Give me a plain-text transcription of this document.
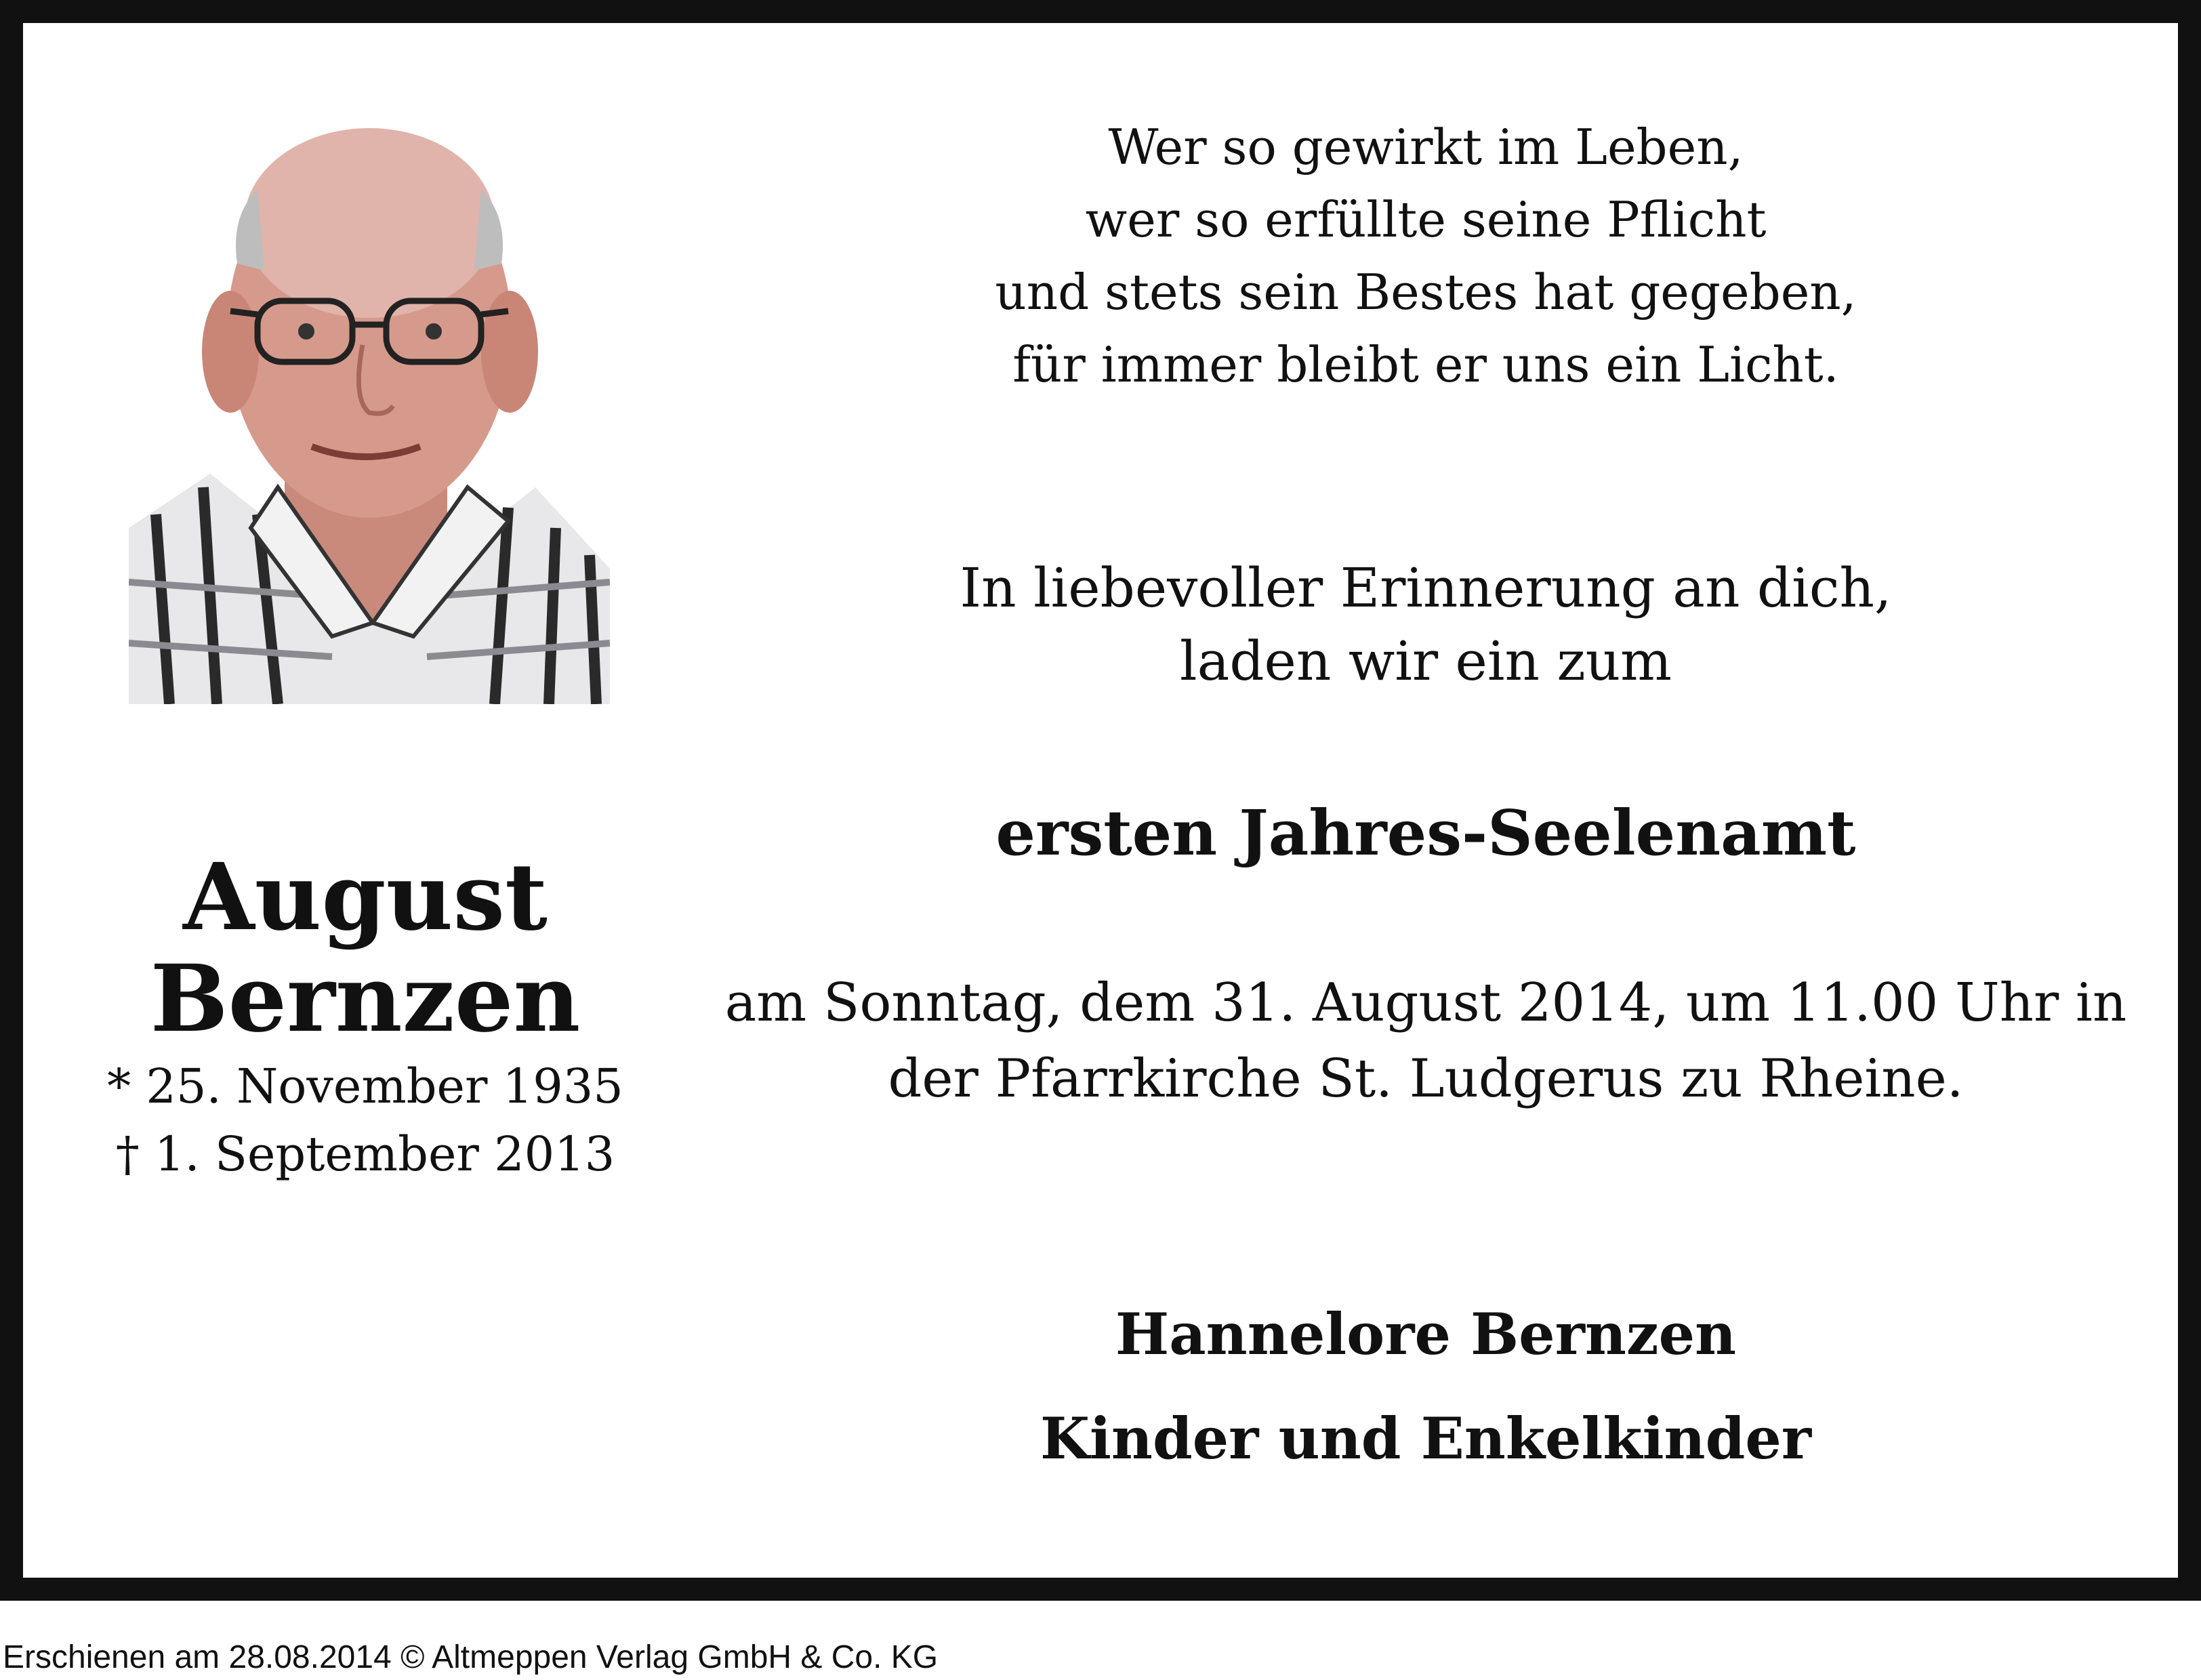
August
Bernzen
* 25. November 1935
† 1. September 2013
Wer so gewirkt im Leben,
wer so erfüllte seine Pflicht
und stets sein Bestes hat gegeben,
für immer bleibt er uns ein Licht.
In liebevoller Erinnerung an dich,
laden wir ein zum
ersten Jahres-Seelenamt
am Sonntag, dem 31. August 2014, um 11.00 Uhr in
der Pfarrkirche St. Ludgerus zu Rheine.
Hannelore Bernzen
Kinder und Enkelkinder
Erschienen am 28.08.2014 © Altmeppen Verlag GmbH & Co. KG
